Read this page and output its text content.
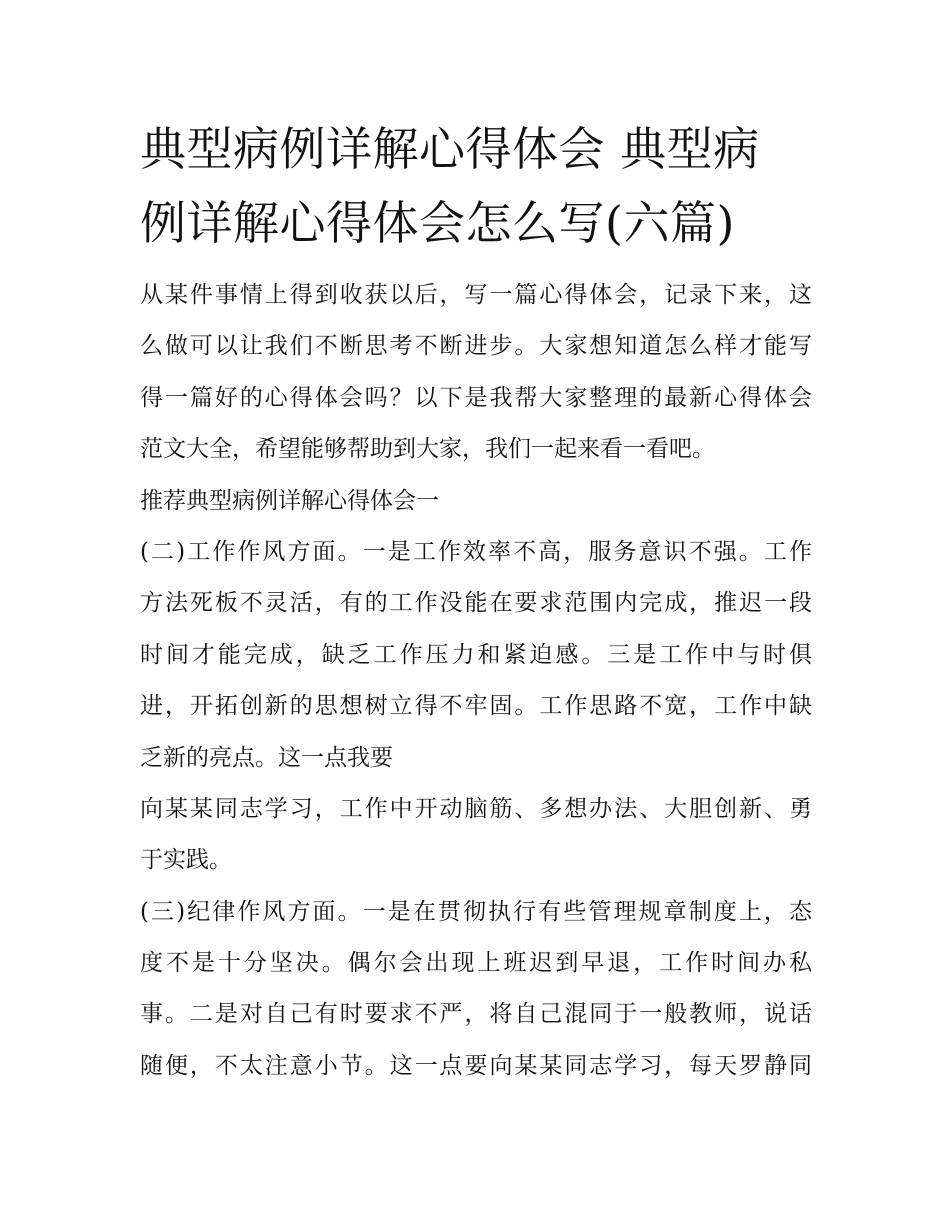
典型病例详解心得体会 典型病
例详解心得体会怎么写(六篇)
从某件事情上得到收获以后，写一篇心得体会，记录下来，这
么做可以让我们不断思考不断进步。大家想知道怎么样才能写
得一篇好的心得体会吗？以下是我帮大家整理的最新心得体会
范文大全，希望能够帮助到大家，我们一起来看一看吧。
推荐典型病例详解心得体会一
(二)工作作风方面。一是工作效率不高，服务意识不强。工作
方法死板不灵活，有的工作没能在要求范围内完成，推迟一段
时间才能完成，缺乏工作压力和紧迫感。三是工作中与时俱
进，开拓创新的思想树立得不牢固。工作思路不宽，工作中缺
乏新的亮点。这一点我要
向某某同志学习，工作中开动脑筋、多想办法、大胆创新、勇
于实践。
(三)纪律作风方面。一是在贯彻执行有些管理规章制度上，态
度不是十分坚决。偶尔会出现上班迟到早退，工作时间办私
事。二是对自己有时要求不严，将自己混同于一般教师，说话
随便，不太注意小节。这一点要向某某同志学习，每天罗静同
